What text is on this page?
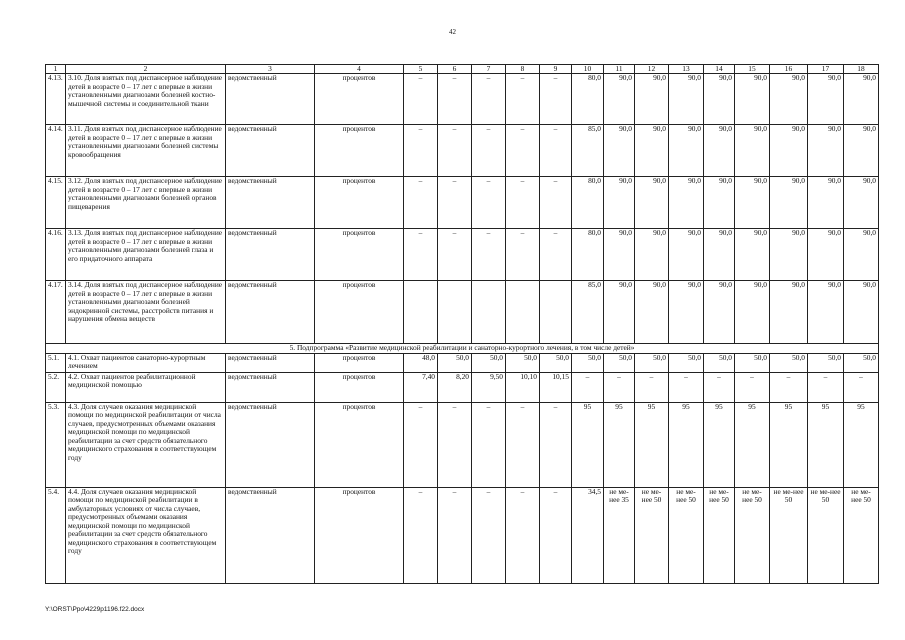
42
1	2	3	4	5	6	7	8	9	10	11	12	13	14	15	16	17	18
4.13.	3.10. Доля взятых под диспансерное наблюдение детей в возрасте 0 – 17 лет с впервые в жизни установленными диагнозами болезней костно-мышечной системы и соединительной ткани	ведомственный	процентов	–	–	–	–	–	80,0	90,0	90,0	90,0	90,0	90,0	90,0	90,0	90,0
4.14.	3.11. Доля взятых под диспансерное наблюдение детей в возрасте 0 – 17 лет с впервые в жизни установленными диагнозами болезней системы кровообращения	ведомственный	процентов	–	–	–	–	–	85,0	90,0	90,0	90,0	90,0	90,0	90,0	90,0	90,0
4.15.	3.12. Доля взятых под диспансерное наблюдение детей в возрасте 0 – 17 лет с впервые в жизни установленными диагнозами болезней органов пищеварения	ведомственный	процентов	–	–	–	–	–	80,0	90,0	90,0	90,0	90,0	90,0	90,0	90,0	90,0
4.16.	3.13. Доля взятых под диспансерное наблюдение детей в возрасте 0 – 17 лет с впервые в жизни установленными диагнозами болезней глаза и его придаточного аппарата	ведомственный	процентов	–	–	–	–	–	80,0	90,0	90,0	90,0	90,0	90,0	90,0	90,0	90,0
4.17.	3.14. Доля взятых под диспансерное наблюдение детей в возрасте 0 – 17 лет с впервые в жизни установленными диагнозами болезней эндокринной системы, расстройств питания и нарушения обмена веществ	ведомственный	процентов						85,0	90,0	90,0	90,0	90,0	90,0	90,0	90,0	90,0
5. Подпрограмма «Развитие медицинской реабилитации и санаторно-курортного лечения, в том числе детей»																	
5.1.	4.1. Охват пациентов санаторно-курортным лечением	ведомственный	процентов	48,0	50,0	50,0	50,0	50,0	50,0	50,0	50,0	50,0	50,0	50,0	50,0	50,0	50,0
5.2.	4.2. Охват пациентов реабилитационной медицинской помощью	ведомственный	процентов	7,40	8,20	9,50	10,10	10,15	–	–	–	–	–	–	–	–	–
5.3.	4.3. Доля случаев оказания медицинской помощи по медицинской реабилитации от числа случаев, предусмотренных объемами оказания медицинской помощи по медицинской реабилитации за счет средств обязательного медицинского страхования в соответствующем году	ведомственный	процентов	–	–	–	–	–	95	95	95	95	95	95	95	95	95
5.4.	4.4. Доля случаев оказания медицинской помощи по медицинской реабилитации в амбулаторных условиях от числа случаев, предусмотренных объемами оказания медицинской помощи по медицинской реабилитации за счет средств обязательного медицинского страхования в соответствующем году	ведомственный	процентов	–	–	–	–	–	34,5	не ме-нее 35	не ме-нее 50	не ме-нее 50	не ме-нее 50	не ме-нее 50	не ме-нее 50	не ме-нее 50	не ме-нее 50
Y:\ORST\Ppo\4229p1196.f22.docx
